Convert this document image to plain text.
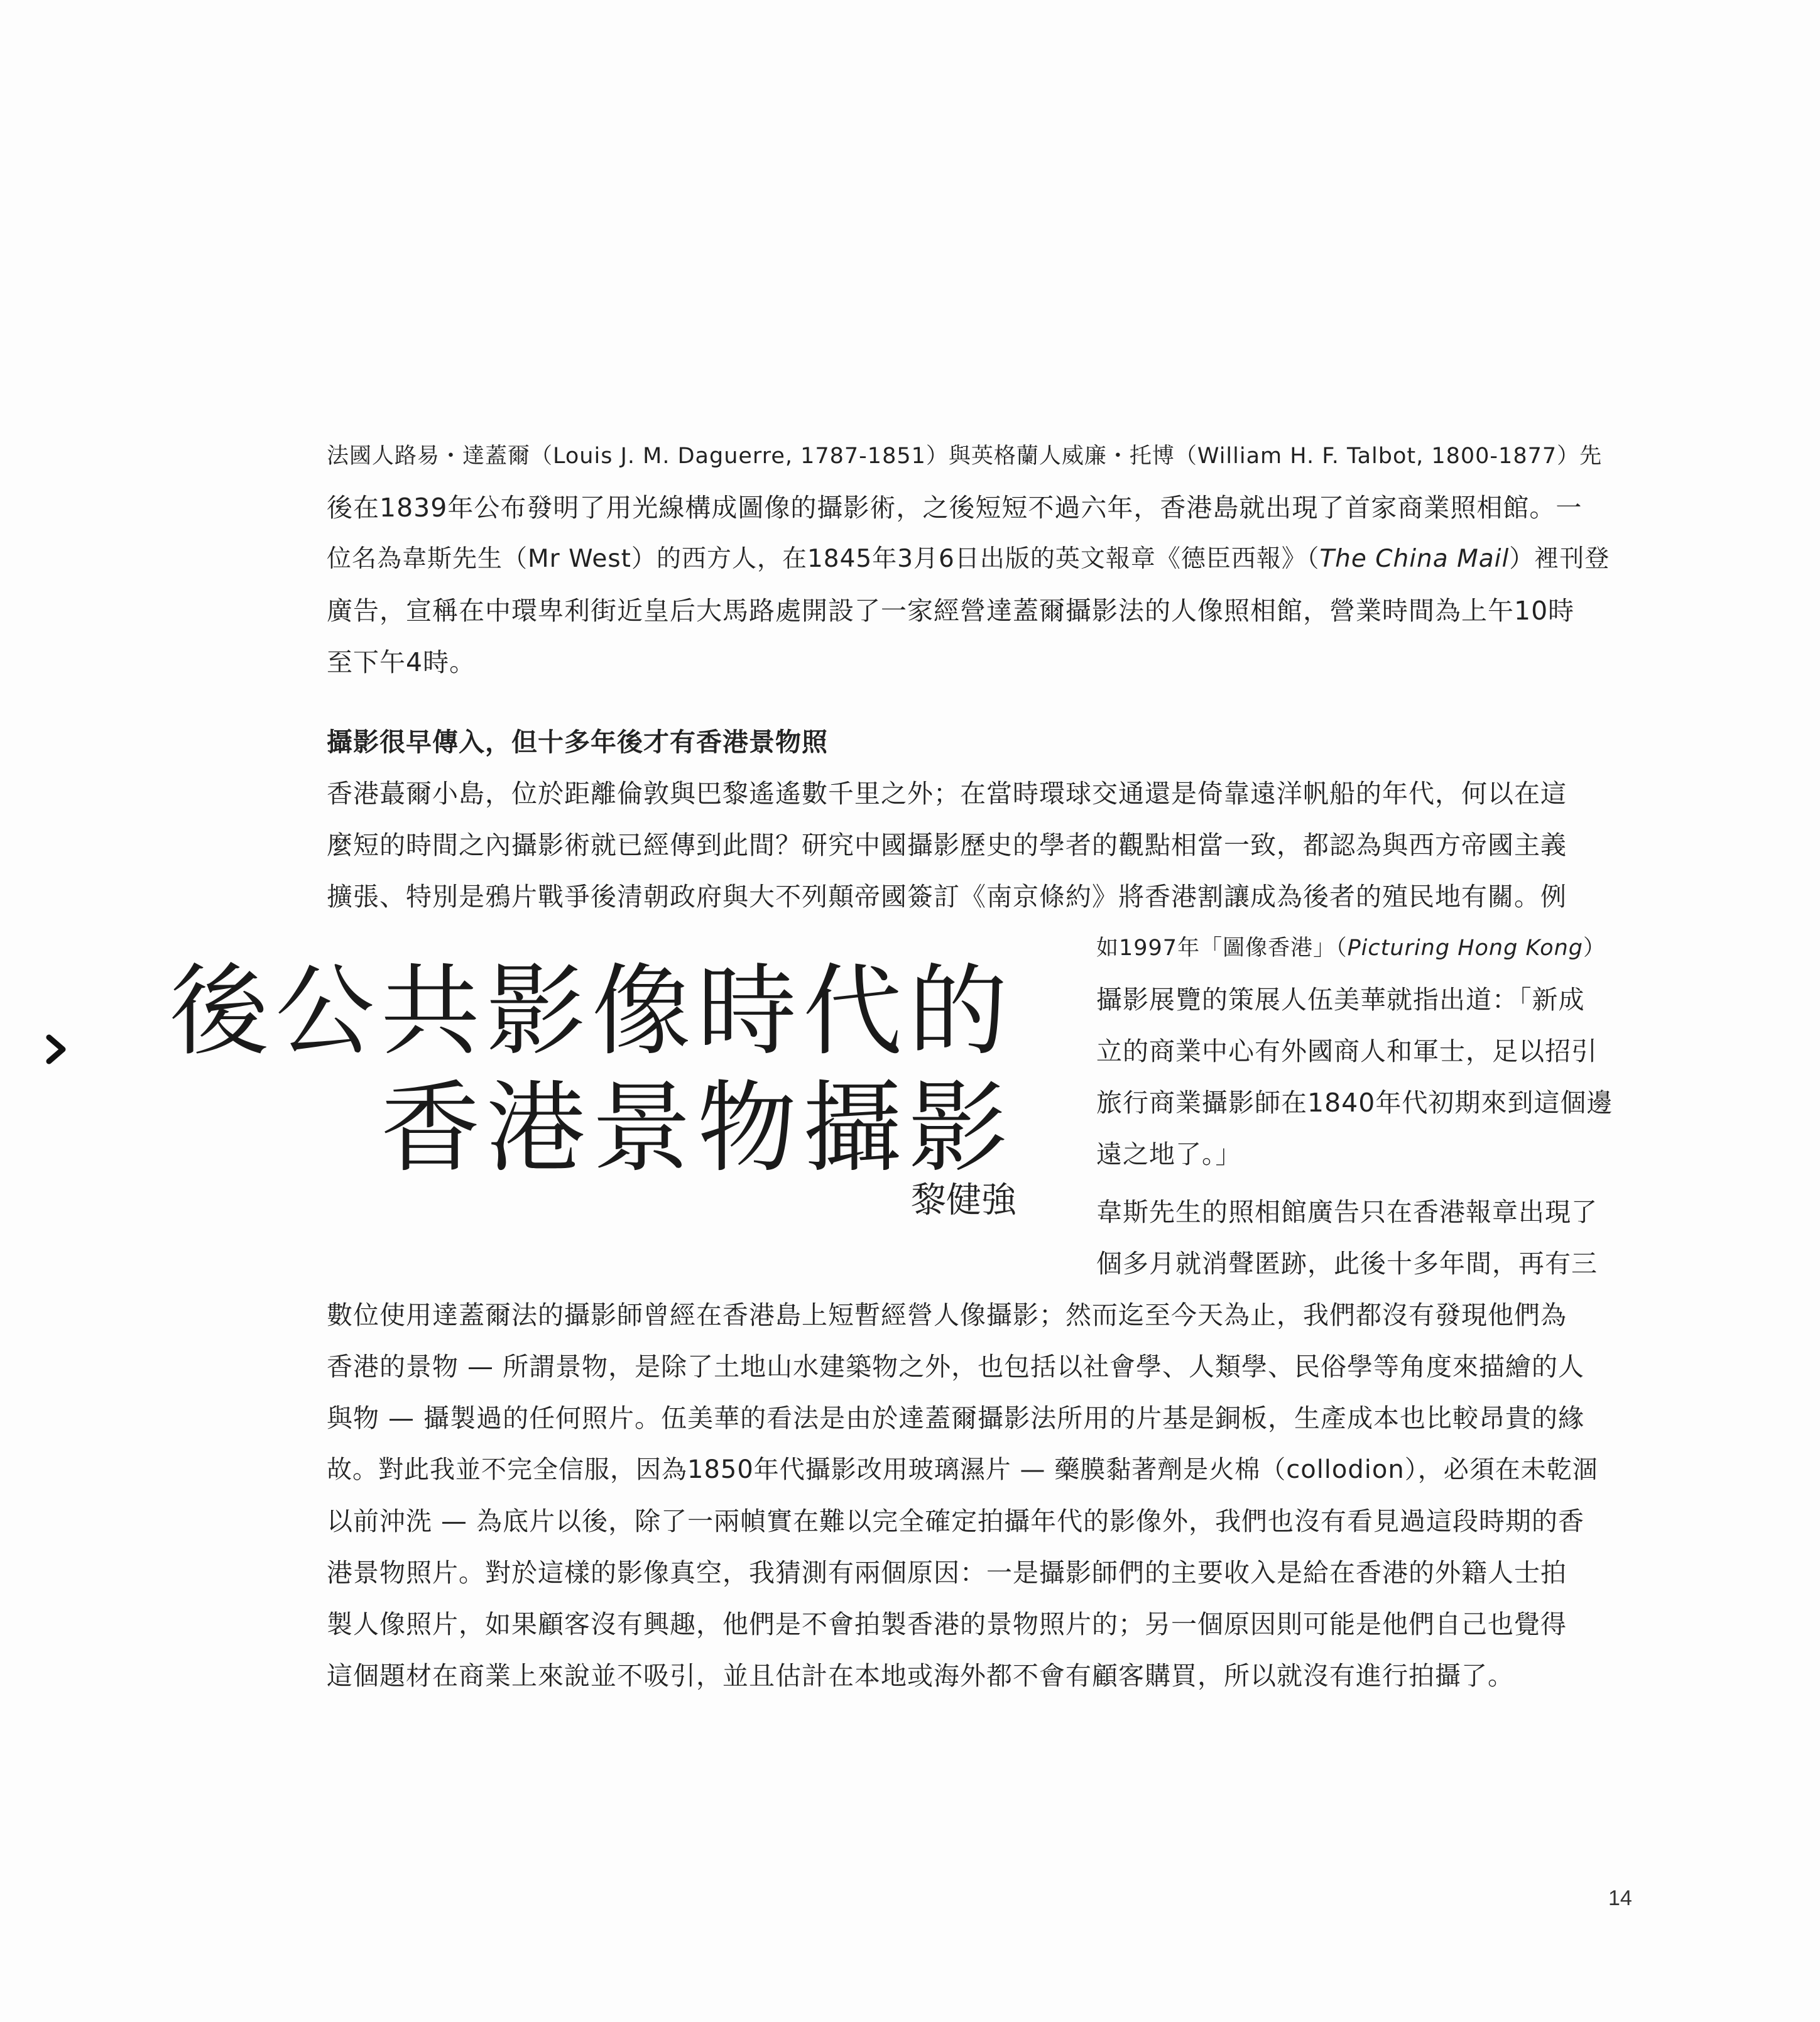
法國人路易・達蓋爾（Louis J. M. Daguerre, 1787-1851）與英格蘭人威廉・托博（William H. F. Talbot, 1800-1877）先

後在1839年公布發明了用光線構成圖像的攝影術，之後短短不過六年，香港島就出現了首家商業照相館。一

位名為韋斯先生（Mr West）的西方人，在1845年3月6日出版的英文報章《德臣西報》（The China Mail）裡刊登

廣告，宣稱在中環卑利街近皇后大馬路處開設了一家經營達蓋爾攝影法的人像照相館，營業時間為上午10時

至下午4時。

攝影很早傳入，但十多年後才有香港景物照

香港蕞爾小島，位於距離倫敦與巴黎遙遙數千里之外；在當時環球交通還是倚靠遠洋帆船的年代，何以在這

麼短的時間之內攝影術就已經傳到此間？研究中國攝影歷史的學者的觀點相當一致，都認為與西方帝國主義

擴張、特別是鴉片戰爭後清朝政府與大不列顛帝國簽訂《南京條約》將香港割讓成為後者的殖民地有關。例

後公共影像時代的
香港景物攝影

黎健強

如1997年「圖像香港」（Picturing Hong Kong）

攝影展覽的策展人伍美華就指出道：「新成

立的商業中心有外國商人和軍士，足以招引

旅行商業攝影師在1840年代初期來到這個邊

遠之地了。」

韋斯先生的照相館廣告只在香港報章出現了

個多月就消聲匿跡，此後十多年間，再有三

數位使用達蓋爾法的攝影師曾經在香港島上短暫經營人像攝影；然而迄至今天為止，我們都沒有發現他們為

香港的景物 — 所謂景物，是除了土地山水建築物之外，也包括以社會學、人類學、民俗學等角度來描繪的人

與物 — 攝製過的任何照片。伍美華的看法是由於達蓋爾攝影法所用的片基是銅板，生產成本也比較昂貴的緣

故。對此我並不完全信服，因為1850年代攝影改用玻璃濕片 — 藥膜黏著劑是火棉（collodion），必須在未乾涸

以前沖洗 — 為底片以後，除了一兩幀實在難以完全確定拍攝年代的影像外，我們也沒有看見過這段時期的香

港景物照片。對於這樣的影像真空，我猜測有兩個原因：一是攝影師們的主要收入是給在香港的外籍人士拍

製人像照片，如果顧客沒有興趣，他們是不會拍製香港的景物照片的；另一個原因則可能是他們自己也覺得

這個題材在商業上來說並不吸引，並且估計在本地或海外都不會有顧客購買，所以就沒有進行拍攝了。

14
